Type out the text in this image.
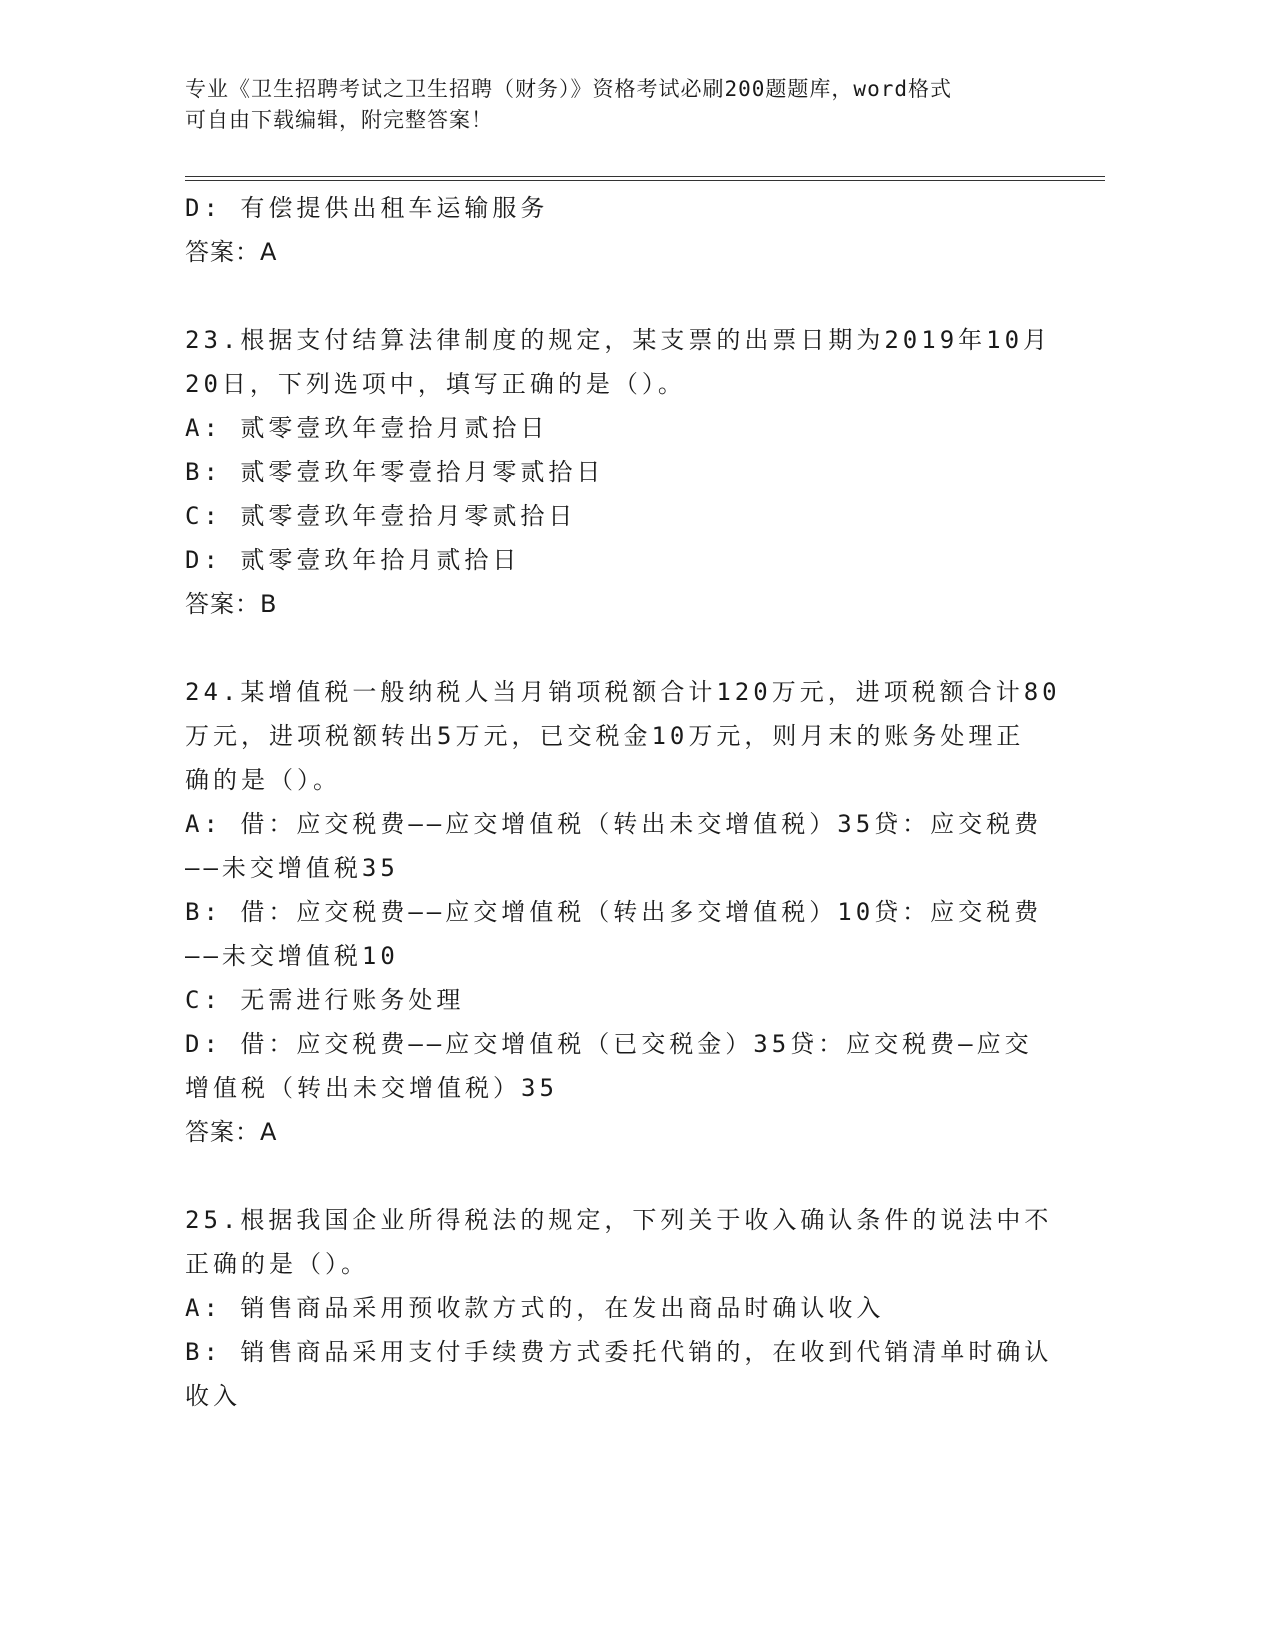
专业《卫生招聘考试之卫生招聘（财务）》资格考试必刷200题题库，word格式
可自由下载编辑，附完整答案！
D: 有偿提供出租车运输服务
答案：A
23.根据支付结算法律制度的规定，某支票的出票日期为2019年10月
20日，下列选项中，填写正确的是（）。
A: 贰零壹玖年壹拾月贰拾日
B: 贰零壹玖年零壹拾月零贰拾日
C: 贰零壹玖年壹拾月零贰拾日
D: 贰零壹玖年拾月贰拾日
答案：B
24.某增值税一般纳税人当月销项税额合计120万元，进项税额合计80
万元，进项税额转出5万元，已交税金10万元，则月末的账务处理正
确的是（）。
A: 借：应交税费——应交增值税（转出未交增值税）35贷：应交税费
——未交增值税35
B: 借：应交税费——应交增值税（转出多交增值税）10贷：应交税费
——未交增值税10
C: 无需进行账务处理
D: 借：应交税费——应交增值税（已交税金）35贷：应交税费—应交
增值税（转出未交增值税）35
答案：A
25.根据我国企业所得税法的规定，下列关于收入确认条件的说法中不
正确的是（）。
A: 销售商品采用预收款方式的，在发出商品时确认收入
B: 销售商品采用支付手续费方式委托代销的，在收到代销清单时确认
收入
